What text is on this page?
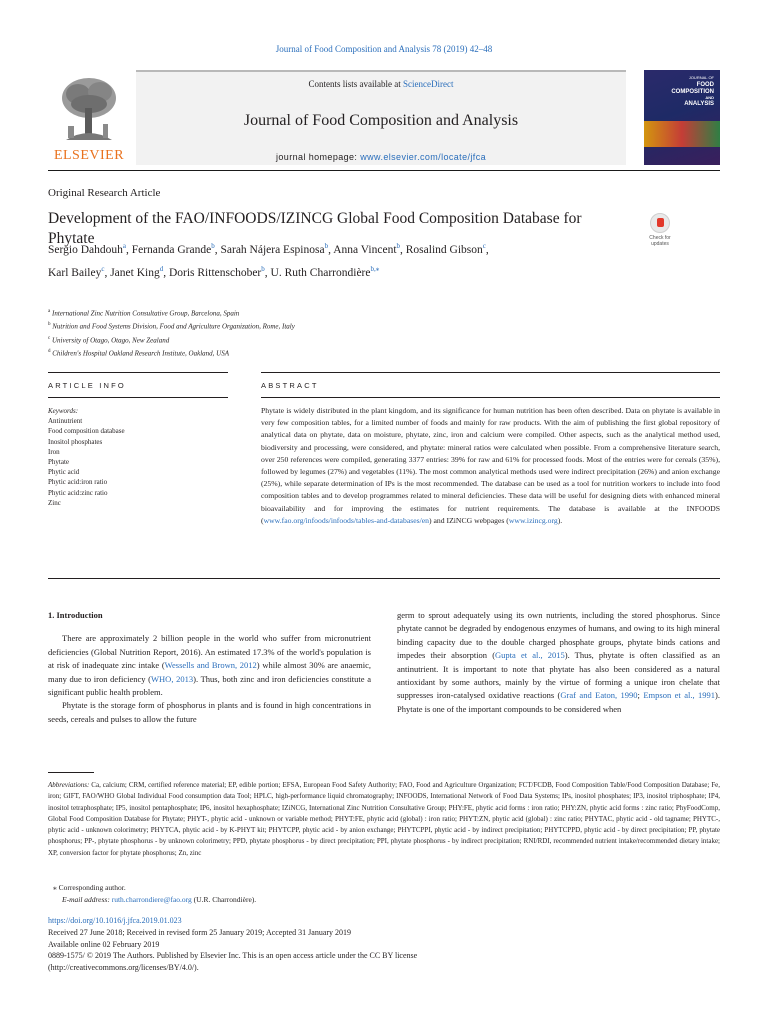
Journal of Food Composition and Analysis 78 (2019) 42–48
ELSEVIER
Contents lists available at ScienceDirect
Journal of Food Composition and Analysis
journal homepage: www.elsevier.com/locate/jfca
JOURNAL OF
FOOD
COMPOSITION
AND
ANALYSIS
Original Research Article
Development of the FAO/INFOODS/IZINCG Global Food Composition Database for Phytate	Check for updates
Sergio Dahdouh$^a$, Fernanda Grande$^b$, Sarah Nájera Espinosa$^b$, Anna Vincent$^b$, Rosalind Gibson$^c$,
Karl Bailey$^c$, Janet King$^d$, Doris Rittenschober$^b$, U. Ruth Charrondière$^{b,⁎}$
$^a$ International Zinc Nutrition Consultative Group, Barcelona, Spain
$^b$ Nutrition and Food Systems Division, Food and Agriculture Organization, Rome, Italy
$^c$ University of Otago, Otago, New Zealand
$^d$ Children's Hospital Oakland Research Institute, Oakland, USA
ARTICLE INFO	ABSTRACT
Keywords:
Antinutrient
Food composition database
Inositol phosphates
Iron
Phytate
Phytic acid
Phytic acid:iron ratio
Phytic acid:zinc ratio
Zinc
Phytate is widely distributed in the plant kingdom, and its significance for human nutrition has been often described. Data on phytate is available in very few composition tables, for a limited number of foods and mainly for raw products. With the aim of publishing the first global repository of analytical data on phytate, data on moisture, phytate, zinc, iron and calcium were compiled. Other aspects, such as the analytical method used, biodiversity and processing, were considered, and phytate: mineral ratios were calculated when possible. From a comprehensive literature search, over 250 references were compiled, generating 3377 entries: 39% for raw and 61% for processed foods. Most of the entries were for cereals (35%), followed by legumes (27%) and vegetables (11%). The most common analytical methods used were indirect precipitation (26%) and anion exchange (25%), while separate determination of IPs is the most recommended. The database can be used as a tool for nutrition workers to include into food composition tables and to develop programmes related to mineral deficiencies. These data will be useful for designing diets with enhanced mineral bioavailability and for improving the estimates for nutrient requirements. The database is available at the INFOODS (www.fao.org/infoods/infoods/tables-and-databases/en) and IZiNCG webpages (www.izincg.org).

1. Introduction

There are approximately 2 billion people in the world who suffer from micronutrient deficiencies (Global Nutrition Report, 2016). An estimated 17.3% of the world's population is at risk of inadequate zinc intake (Wessells and Brown, 2012) while almost 30% are anaemic, many due to iron deficiency (WHO, 2013). Thus, both zinc and iron deficiencies constitute a significant public health problem.

Phytate is the storage form of phosphorus in plants and is found in high concentrations in seeds, cereals and pulses to allow the future

germ to sprout adequately using its own nutrients, including the stored phosphorus. Since phytate cannot be degraded by endogenous enzymes of humans, and owing to its high mineral binding capacity due to the double charged phosphate groups, phytate binds cations and impedes their absorption (Gupta et al., 2015). Thus, phytate is often classified as an antinutrient. It is important to note that phytate has also been considered as a natural antioxidant by some authors, mainly by the virtue of forming a unique iron chelate that suppresses iron-catalysed oxidative reactions (Graf and Eaton, 1990; Empson et al., 1991). Phytate is one of the important compounds to be considered when

Abbreviations: Ca, calcium; CRM, certified reference material; EP, edible portion; EFSA, European Food Safety Authority; FAO, Food and Agriculture Organization; FCT/FCDB, Food Composition Table/Food Composition Database; Fe, iron; GIFT, FAO/WHO Global Individual Food consumption data Tool; HPLC, high-performance liquid chromatography; INFOODS, International Network of Food Data Systems; IPs, inositol phosphates; IP3, inositol triphosphate; IP4, inositol tetraphosphate; IP5, inositol pentaphosphate; IP6, inositol hexaphosphate; IZiNCG, International Zinc Nutrition Consultative Group; PHY:FE, phytic acid forms : iron ratio; PHY:ZN, phytic acid forms : zinc ratio; PhyFoodComp, Global Food Composition Database for Phytate; PHYT-, phytic acid - unknown or variable method; PHYT:FE, phytic acid (global) : iron ratio; PHYT:ZN, phytic acid (global) : zinc ratio; PHYTAC, phytic acid - old tagname; PHYTC-, phytic acid - unknown colorimetry; PHYTCA, phytic acid - by K-PHYT kit; PHYTCPP, phytic acid - by anion exchange; PHYTCPPI, phytic acid - by indirect precipitation; PHYTCPPD, phytic acid - by direct precipitation; PP, phytate phosphorus; PP-, phytate phosphorus - by unknown colorimetry; PPD, phytate phosphorus - by direct precipitation; PPI, phytate phosphorus - by indirect precipitation; RNI/RDI, recommended nutrient intake/recommended dietary intake; XP, conversion factor for phytate phosphorus; Zn, zinc
⁎ Corresponding author.
E-mail address: ruth.charrondiere@fao.org (U.R. Charrondière).
https://doi.org/10.1016/j.jfca.2019.01.023
Received 27 June 2018; Received in revised form 25 January 2019; Accepted 31 January 2019
Available online 02 February 2019
0889-1575/ © 2019 The Authors. Published by Elsevier Inc. This is an open access article under the CC BY license
(http://creativecommons.org/licenses/BY/4.0/).
